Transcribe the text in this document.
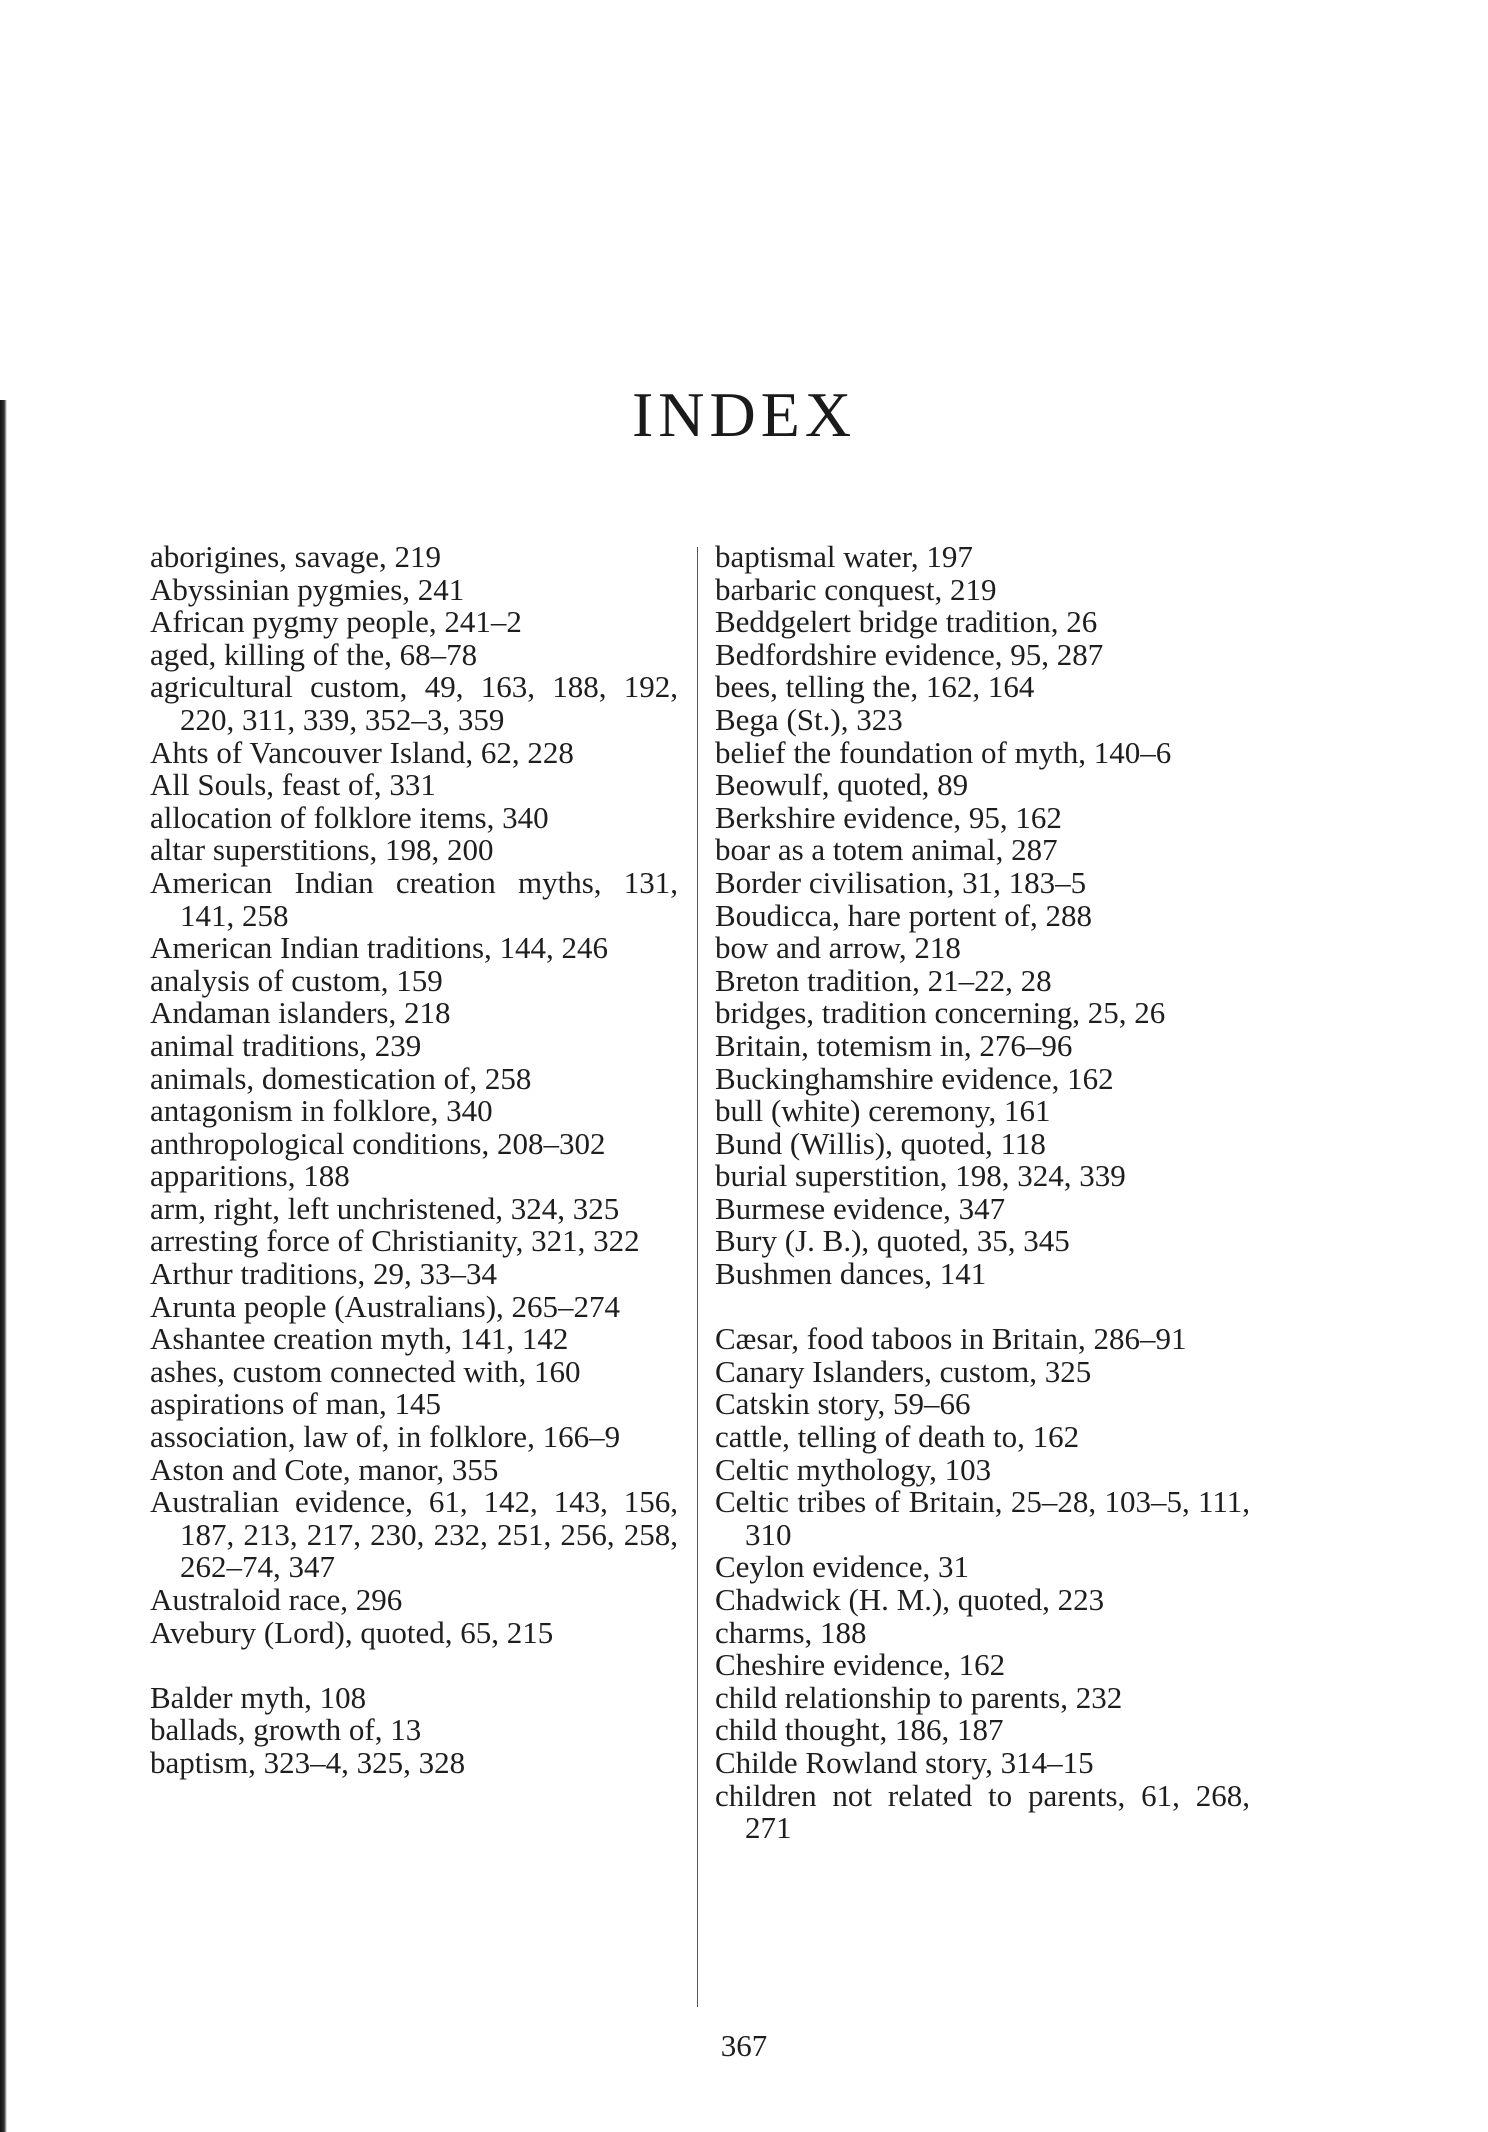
INDEX
aborigines, savage, 219
Abyssinian pygmies, 241
African pygmy people, 241–2
aged, killing of the, 68–78
agricultural custom, 49, 163, 188, 192, 220, 311, 339, 352–3, 359
Ahts of Vancouver Island, 62, 228
All Souls, feast of, 331
allocation of folklore items, 340
altar superstitions, 198, 200
American Indian creation myths, 131, 141, 258
American Indian traditions, 144, 246
analysis of custom, 159
Andaman islanders, 218
animal traditions, 239
animals, domestication of, 258
antagonism in folklore, 340
anthropological conditions, 208–302
apparitions, 188
arm, right, left unchristened, 324, 325
arresting force of Christianity, 321, 322
Arthur traditions, 29, 33–34
Arunta people (Australians), 265–274
Ashantee creation myth, 141, 142
ashes, custom connected with, 160
aspirations of man, 145
association, law of, in folklore, 166–9
Aston and Cote, manor, 355
Australian evidence, 61, 142, 143, 156, 187, 213, 217, 230, 232, 251, 256, 258, 262–74, 347
Australoid race, 296
Avebury (Lord), quoted, 65, 215
Balder myth, 108
ballads, growth of, 13
baptism, 323–4, 325, 328
baptismal water, 197
barbaric conquest, 219
Beddgelert bridge tradition, 26
Bedfordshire evidence, 95, 287
bees, telling the, 162, 164
Bega (St.), 323
belief the foundation of myth, 140–6
Beowulf, quoted, 89
Berkshire evidence, 95, 162
boar as a totem animal, 287
Border civilisation, 31, 183–5
Boudicca, hare portent of, 288
bow and arrow, 218
Breton tradition, 21–22, 28
bridges, tradition concerning, 25, 26
Britain, totemism in, 276–96
Buckinghamshire evidence, 162
bull (white) ceremony, 161
Bund (Willis), quoted, 118
burial superstition, 198, 324, 339
Burmese evidence, 347
Bury (J. B.), quoted, 35, 345
Bushmen dances, 141
Cæsar, food taboos in Britain, 286–91
Canary Islanders, custom, 325
Catskin story, 59–66
cattle, telling of death to, 162
Celtic mythology, 103
Celtic tribes of Britain, 25–28, 103–5, 111, 310
Ceylon evidence, 31
Chadwick (H. M.), quoted, 223
charms, 188
Cheshire evidence, 162
child relationship to parents, 232
child thought, 186, 187
Childe Rowland story, 314–15
children not related to parents, 61, 268, 271
367
